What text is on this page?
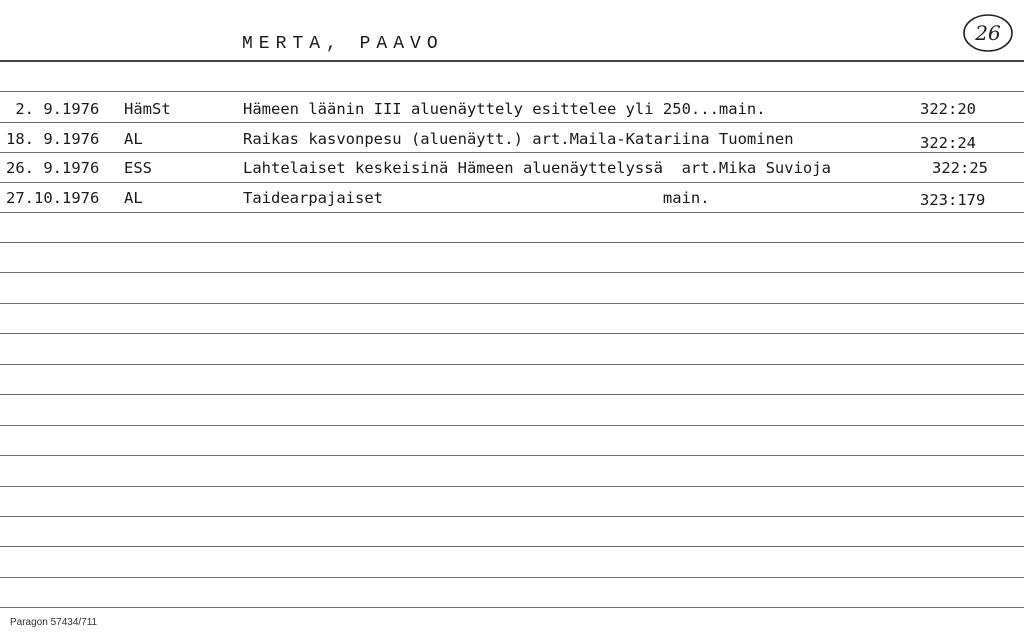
MERTA, PAAVO	26
2. 9.1976 HämSt	Hämeen läänin III aluenäyttely esittelee yli 250...main.	322:20
18. 9.1976 AL	Raikas kasvonpesu (aluenäytt.) art.Maila-Katariina Tuominen	322:24
26. 9.1976 ESS	Lahtelaiset keskeisinä Hämeen aluenäyttelyssä  art.Mika Suvioja	322:25
27.10.1976 AL	Taidearpajaiset                              main.	323:179
Paragon 57434/711
